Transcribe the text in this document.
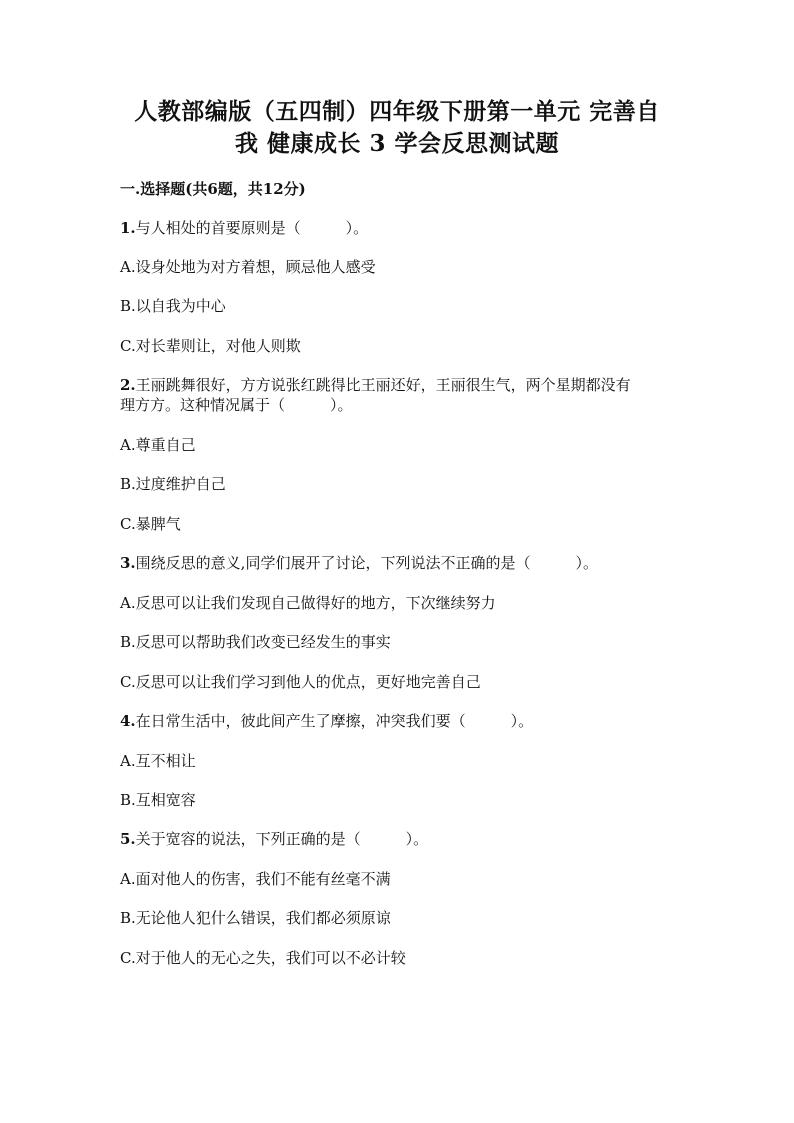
人教部编版（五四制）四年级下册第一单元 完善自
我 健康成长 3 学会反思测试题
一.选择题(共6题，共12分)
1.与人相处的首要原则是（　　　）。
A.设身处地为对方着想，顾忌他人感受
B.以自我为中心
C.对长辈则让，对他人则欺
2.王丽跳舞很好，方方说张红跳得比王丽还好，王丽很生气，两个星期都没有
理方方。这种情况属于（　　　）。
A.尊重自己
B.过度维护自己
C.暴脾气
3.围绕反思的意义,同学们展开了讨论，下列说法不正确的是（　　　）。
A.反思可以让我们发现自己做得好的地方，下次继续努力
B.反思可以帮助我们改变已经发生的事实
C.反思可以让我们学习到他人的优点，更好地完善自己
4.在日常生活中，彼此间产生了摩擦，冲突我们要（　　　）。
A.互不相让
B.互相宽容
5.关于宽容的说法，下列正确的是（　　　）。
A.面对他人的伤害，我们不能有丝毫不满
B.无论他人犯什么错误，我们都必须原谅
C.对于他人的无心之失，我们可以不必计较
